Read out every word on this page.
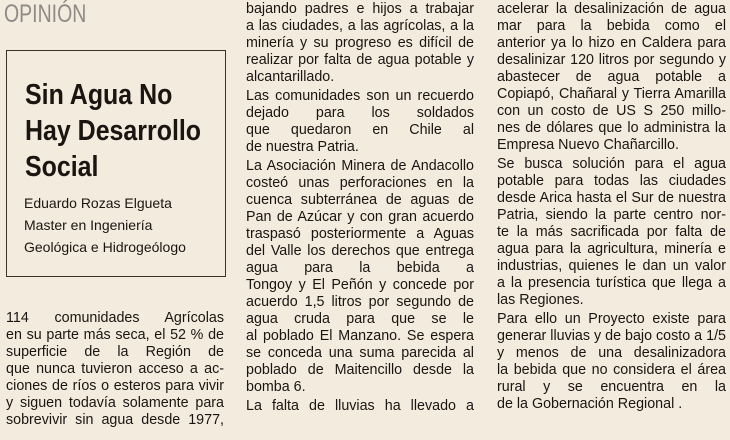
OPINIÓN
Sin Agua No
Hay Desarrollo
Social
Eduardo Rozas Elgueta
Master en Ingeniería
Geológica e Hidrogeólogo
114 comunidades Agrícolas
en su parte más seca, el 52 % de
superficie de la Región de
que nunca tuvieron acceso a ac-
ciones de ríos o esteros para vivir
y siguen todavía solamente para
sobrevivir sin agua desde 1977,
bajando padres e hijos a trabajar
a las ciudades, a las agrícolas, a la
minería y su progreso es difícil de
realizar por falta de agua potable y
alcantarillado.
Las comunidades son un recuerdo
dejado para los soldados
que quedaron en Chile al
de nuestra Patria.
La Asociación Minera de Andacollo
costeó unas perforaciones en la
cuenca subterránea de aguas de
Pan de Azúcar y con gran acuerdo
traspasó posteriormente a Aguas
del Valle los derechos que entrega
agua para la bebida a
Tongoy y El Peñón y concede por
acuerdo 1,5 litros por segundo de
agua cruda para que se le
al poblado El Manzano. Se espera
se conceda una suma parecida al
poblado de Maitencillo desde la
bomba 6.
La falta de lluvias ha llevado a
acelerar la desalinización de agua
mar para la bebida como el
anterior ya lo hizo en Caldera para
desalinizar 120 litros por segundo y
abastecer de agua potable a
Copiapó, Chañaral y Tierra Amarilla
con un costo de US S 250 millo-
nes de dólares que lo administra la
Empresa Nuevo Chañarcillo.
Se busca solución para el agua
potable para todas las ciudades
desde Arica hasta el Sur de nuestra
Patria, siendo la parte centro nor-
te la más sacrificada por falta de
agua para la agricultura, minería e
industrias, quienes le dan un valor
a la presencia turística que llega a
las Regiones.
Para ello un Proyecto existe para
generar lluvias y de bajo costo a 1/5
y menos de una desalinizadora
la bebida que no considera el área
rural y se encuentra en la
de la Gobernación Regional .
